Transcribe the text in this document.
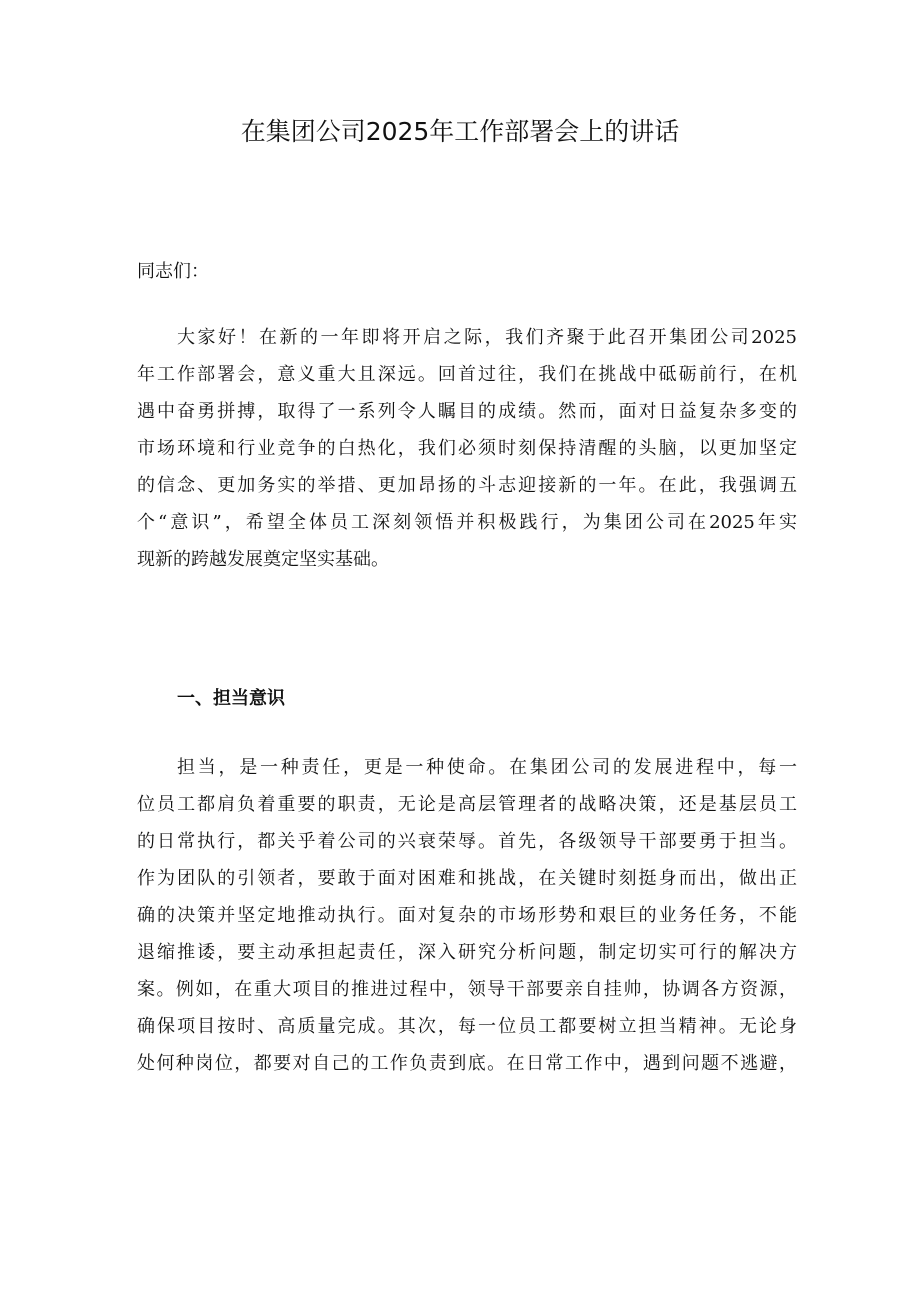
在集团公司2025年工作部署会上的讲话
同志们：
大家好！在新的一年即将开启之际，我们齐聚于此召开集团公司2025
年工作部署会，意义重大且深远。回首过往，我们在挑战中砥砺前行，在机
遇中奋勇拼搏，取得了一系列令人瞩目的成绩。然而，面对日益复杂多变的
市场环境和行业竞争的白热化，我们必须时刻保持清醒的头脑，以更加坚定
的信念、更加务实的举措、更加昂扬的斗志迎接新的一年。在此，我强调五
个“意识”，希望全体员工深刻领悟并积极践行，为集团公司在2025年实
现新的跨越发展奠定坚实基础。
一、担当意识
担当，是一种责任，更是一种使命。在集团公司的发展进程中，每一
位员工都肩负着重要的职责，无论是高层管理者的战略决策，还是基层员工
的日常执行，都关乎着公司的兴衰荣辱。首先，各级领导干部要勇于担当。
作为团队的引领者，要敢于面对困难和挑战，在关键时刻挺身而出，做出正
确的决策并坚定地推动执行。面对复杂的市场形势和艰巨的业务任务，不能
退缩推诿，要主动承担起责任，深入研究分析问题，制定切实可行的解决方
案。例如，在重大项目的推进过程中，领导干部要亲自挂帅，协调各方资源，
确保项目按时、高质量完成。其次，每一位员工都要树立担当精神。无论身
处何种岗位，都要对自己的工作负责到底。在日常工作中，遇到问题不逃避，
